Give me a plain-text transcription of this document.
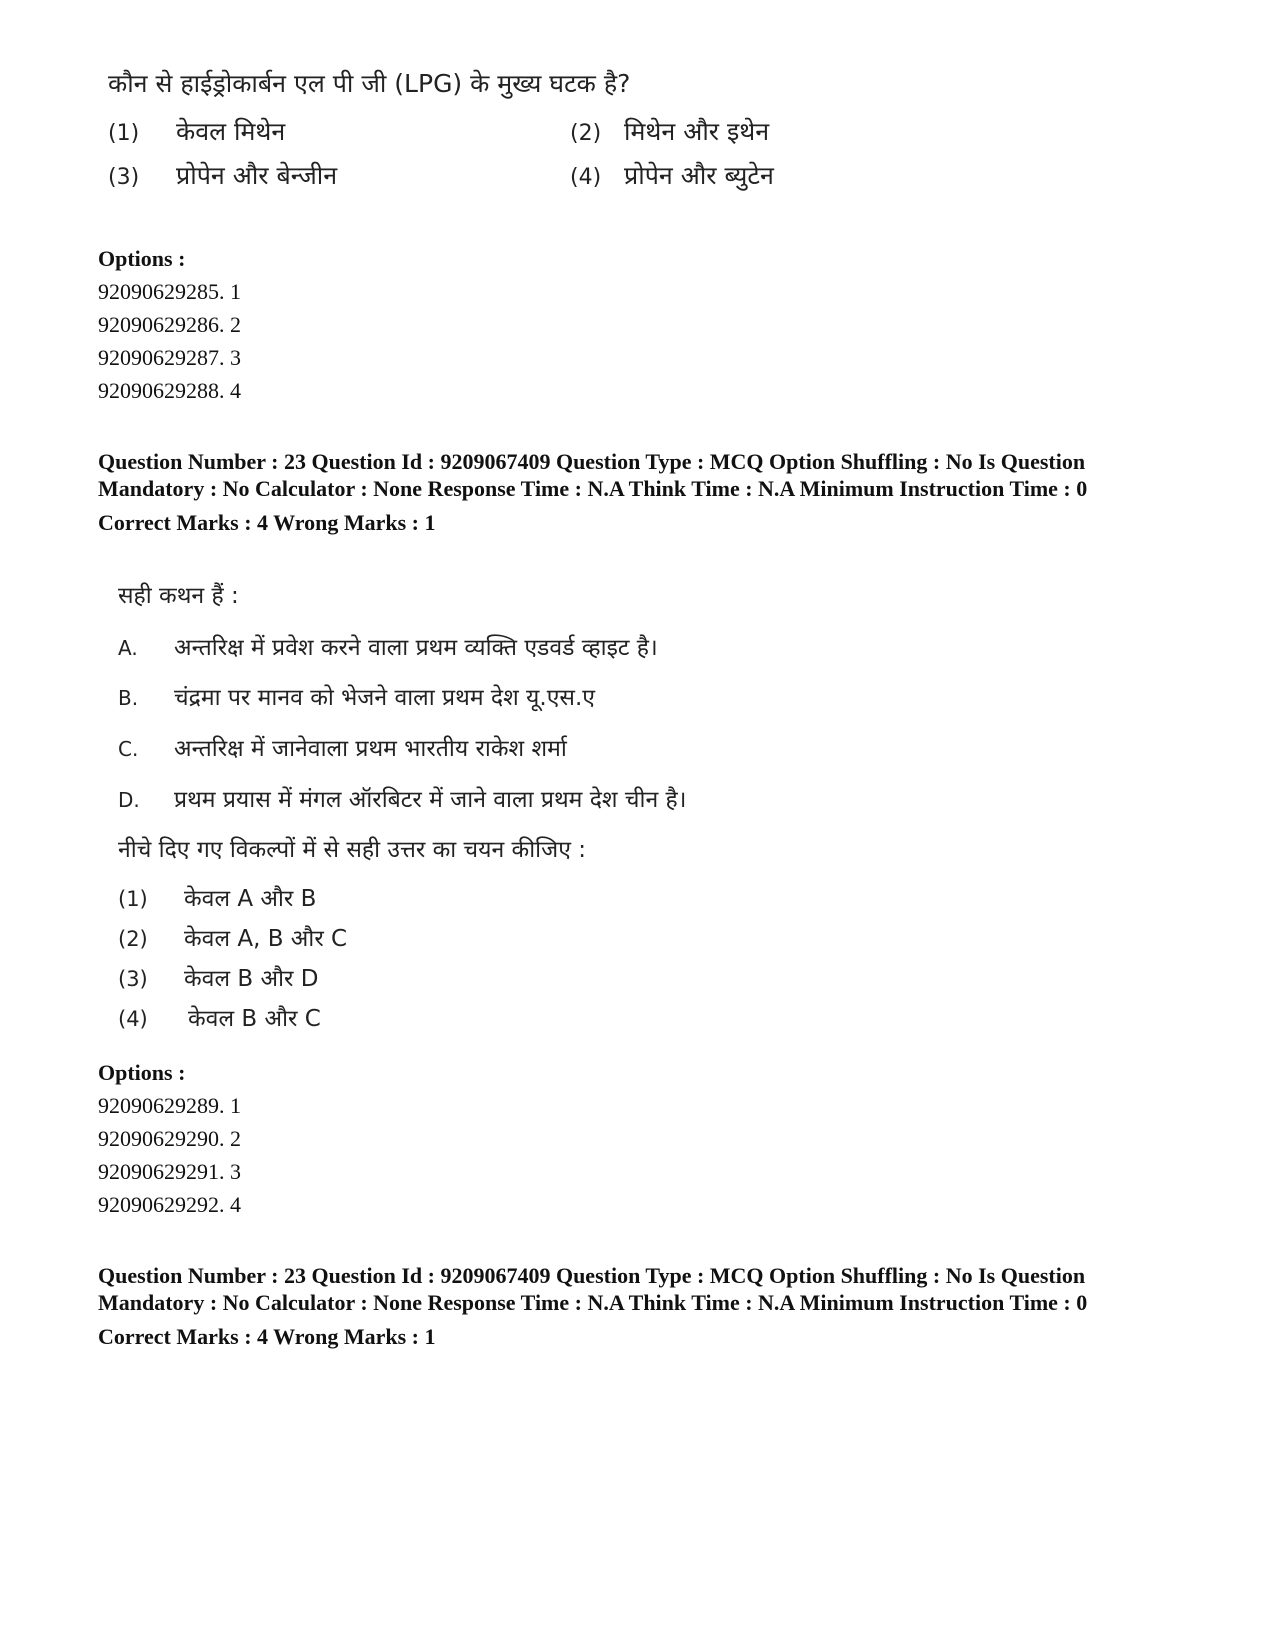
कौन से हाईड्रोकार्बन एल पी जी (LPG) के मुख्य घटक है?
(1) केवल मिथेन	(2) मिथेन और इथेन
(3) प्रोपेन और बेन्जीन	(4) प्रोपेन और ब्युटेन
Options :
92090629285. 1
92090629286. 2
92090629287. 3
92090629288. 4
Question Number : 23 Question Id : 9209067409 Question Type : MCQ Option Shuffling : No Is Question Mandatory : No Calculator : None Response Time : N.A Think Time : N.A Minimum Instruction Time : 0
Correct Marks : 4 Wrong Marks : 1
सही कथन हैं :
A. अन्तरिक्ष में प्रवेश करने वाला प्रथम व्यक्ति एडवर्ड व्हाइट है।
B. चंद्रमा पर मानव को भेजने वाला प्रथम देश यू.एस.ए
C. अन्तरिक्ष में जानेवाला प्रथम भारतीय राकेश शर्मा
D. प्रथम प्रयास में मंगल ऑरबिटर में जाने वाला प्रथम देश चीन है।
नीचे दिए गए विकल्पों में से सही उत्तर का चयन कीजिए :
(1) केवल A और B
(2) केवल A, B और C
(3) केवल B और D
(4) केवल B और C
Options :
92090629289. 1
92090629290. 2
92090629291. 3
92090629292. 4
Question Number : 23 Question Id : 9209067409 Question Type : MCQ Option Shuffling : No Is Question Mandatory : No Calculator : None Response Time : N.A Think Time : N.A Minimum Instruction Time : 0
Correct Marks : 4 Wrong Marks : 1
